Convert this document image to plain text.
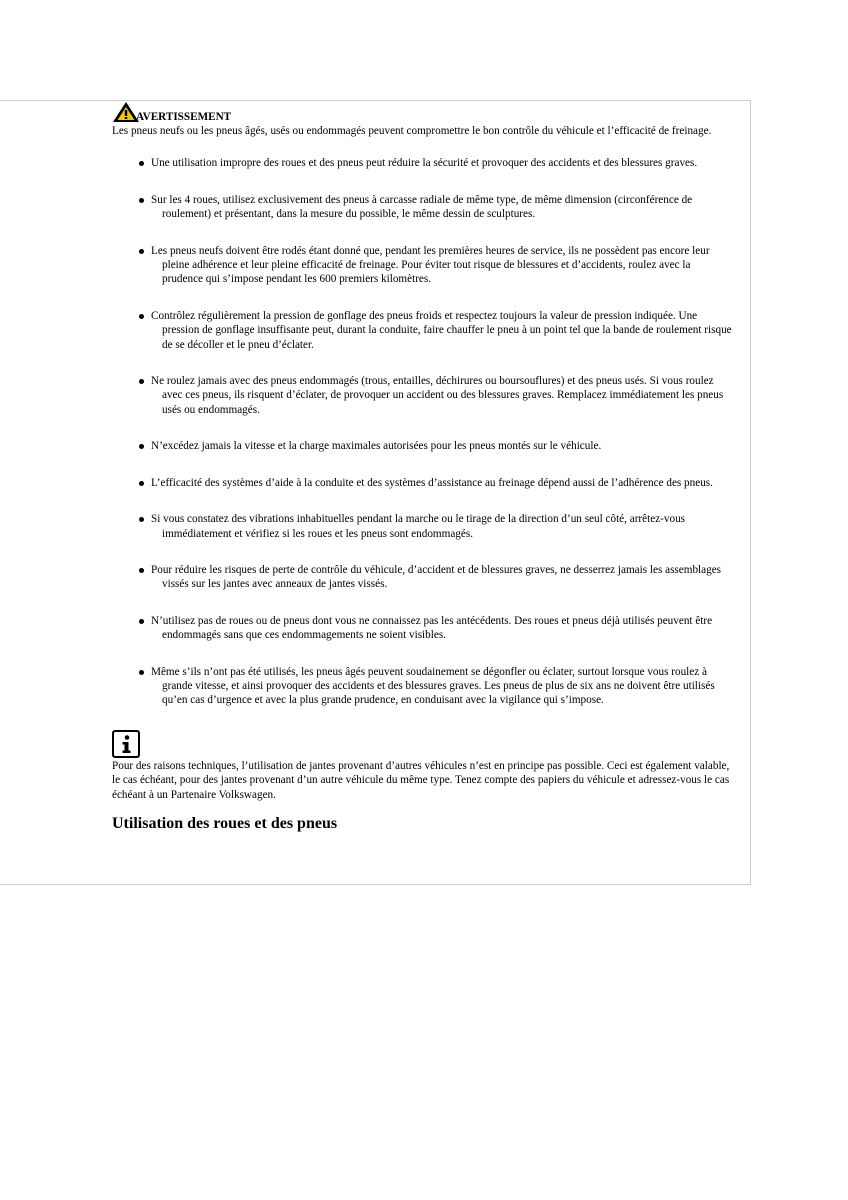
AVERTISSEMENT

Les pneus neufs ou les pneus âgés, usés ou endommagés peuvent compromettre le bon contrôle du véhicule et l’efficacité de freinage.

Une utilisation impropre des roues et des pneus peut réduire la sécurité et provoquer des accidents et des blessures graves.
Sur les 4 roues, utilisez exclusivement des pneus à carcasse radiale de même type, de même dimension (circonférence de roulement) et présentant, dans la mesure du possible, le même dessin de sculptures.
Les pneus neufs doivent être rodés étant donné que, pendant les premières heures de service, ils ne possèdent pas encore leur pleine adhérence et leur pleine efficacité de freinage. Pour éviter tout risque de blessures et d’accidents, roulez avec la prudence qui s’impose pendant les 600 premiers kilomètres.
Contrôlez régulièrement la pression de gonflage des pneus froids et respectez toujours la valeur de pression indiquée. Une pression de gonflage insuffisante peut, durant la conduite, faire chauffer le pneu à un point tel que la bande de roulement risque de se décoller et le pneu d’éclater.
Ne roulez jamais avec des pneus endommagés (trous, entailles, déchirures ou boursouflures) et des pneus usés. Si vous roulez avec ces pneus, ils risquent d’éclater, de provoquer un accident ou des blessures graves. Remplacez immédiatement les pneus usés ou endommagés.
N’excédez jamais la vitesse et la charge maximales autorisées pour les pneus montés sur le véhicule.
L’efficacité des systèmes d’aide à la conduite et des systèmes d’assistance au freinage dépend aussi de l’adhérence des pneus.
Si vous constatez des vibrations inhabituelles pendant la marche ou le tirage de la direction d’un seul côté, arrêtez-vous immédiatement et vérifiez si les roues et les pneus sont endommagés.
Pour réduire les risques de perte de contrôle du véhicule, d’accident et de blessures graves, ne desserrez jamais les assemblages vissés sur les jantes avec anneaux de jantes vissés.
N’utilisez pas de roues ou de pneus dont vous ne connaissez pas les antécédents. Des roues et pneus déjà utilisés peuvent être endommagés sans que ces endommagements ne soient visibles.
Même s’ils n’ont pas été utilisés, les pneus âgés peuvent soudainement se dégonfler ou éclater, surtout lorsque vous roulez à grande vitesse, et ainsi provoquer des accidents et des blessures graves. Les pneus de plus de six ans ne doivent être utilisés qu’en cas d’urgence et avec la plus grande prudence, en conduisant avec la vigilance qui s’impose.

Pour des raisons techniques, l’utilisation de jantes provenant d’autres véhicules n’est en principe pas possible. Ceci est également valable, le cas échéant, pour des jantes provenant d’un autre véhicule du même type. Tenez compte des papiers du véhicule et adressez-vous le cas échéant à un Partenaire Volkswagen.

Utilisation des roues et des pneus
